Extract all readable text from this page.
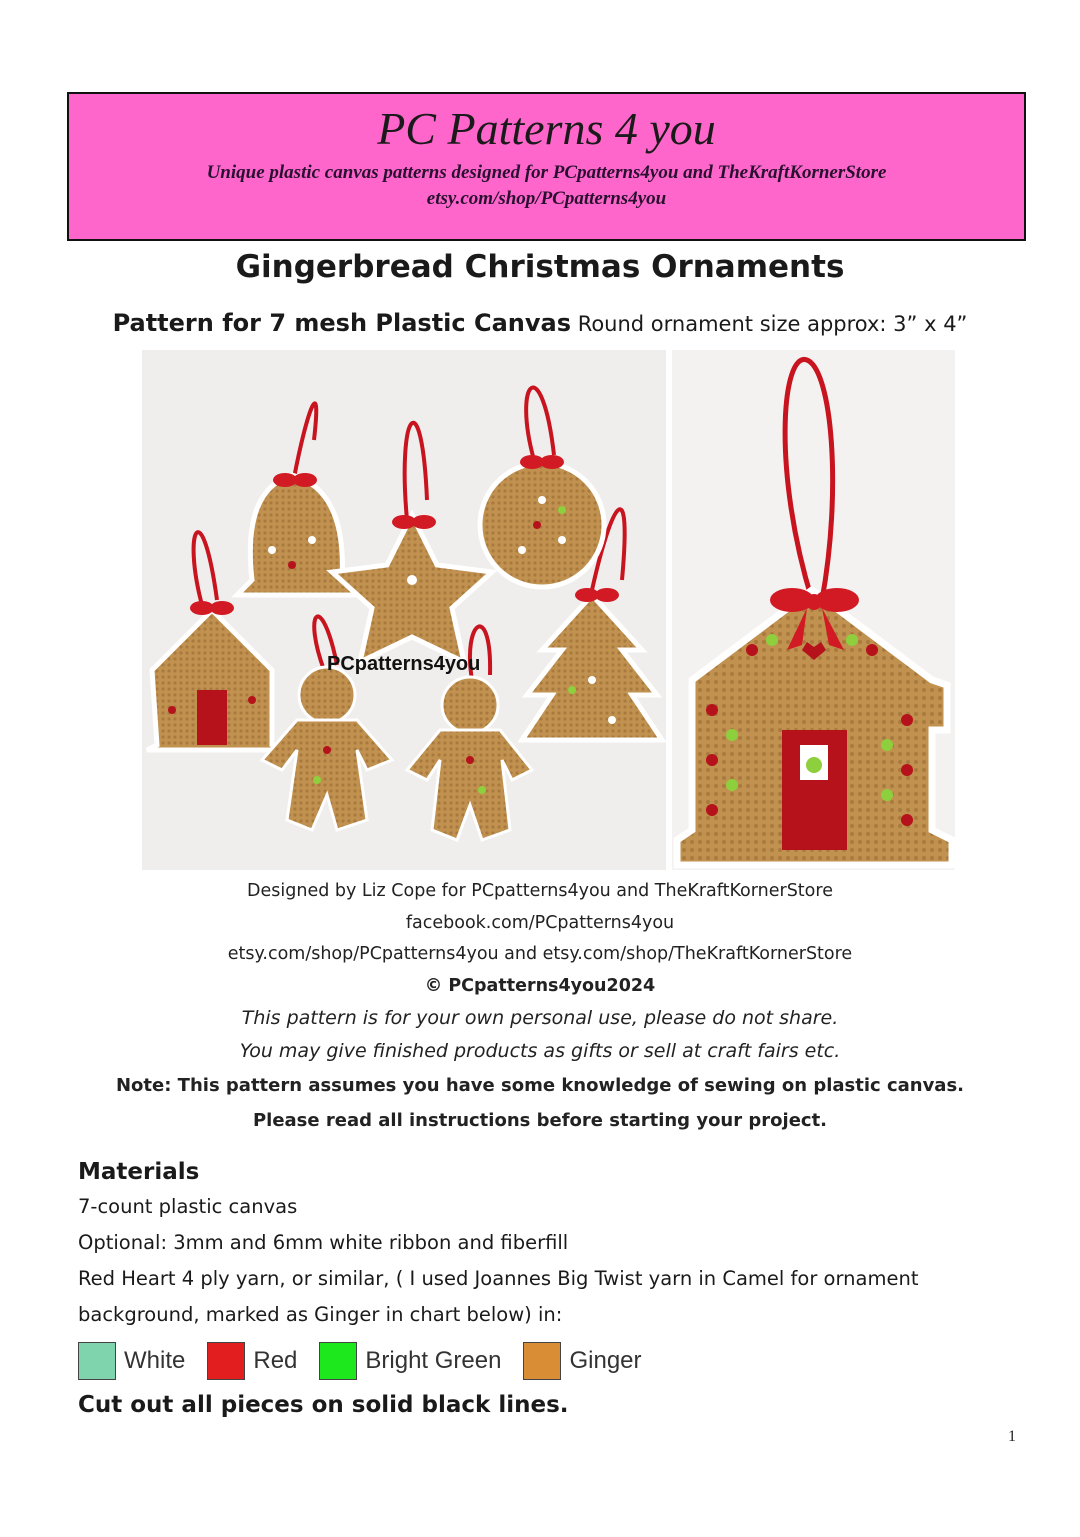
PC Patterns 4 you
Unique plastic canvas patterns designed for PCpatterns4you and TheKraftKornerStore
etsy.com/shop/PCpatterns4you
Gingerbread Christmas Ornaments
Pattern for 7 mesh Plastic Canvas Round ornament size approx: 3” x 4”
PCpatterns4you
Designed by Liz Cope for PCpatterns4you and TheKraftKornerStore
facebook.com/PCpatterns4you
etsy.com/shop/PCpatterns4you and etsy.com/shop/TheKraftKornerStore
© PCpatterns4you2024
This pattern is for your own personal use, please do not share.
You may give finished products as gifts or sell at craft fairs etc.
Note: This pattern assumes you have some knowledge of sewing on plastic canvas.
Please read all instructions before starting your project.
Materials

7-count plastic canvas

Optional: 3mm and 6mm white ribbon and fiberfill

Red Heart 4 ply yarn, or similar, ( I used Joannes Big Twist yarn in Camel for ornament background, marked as Ginger in chart below) in:

White	Red	Bright Green	Ginger

Cut out all pieces on solid black lines.

1
